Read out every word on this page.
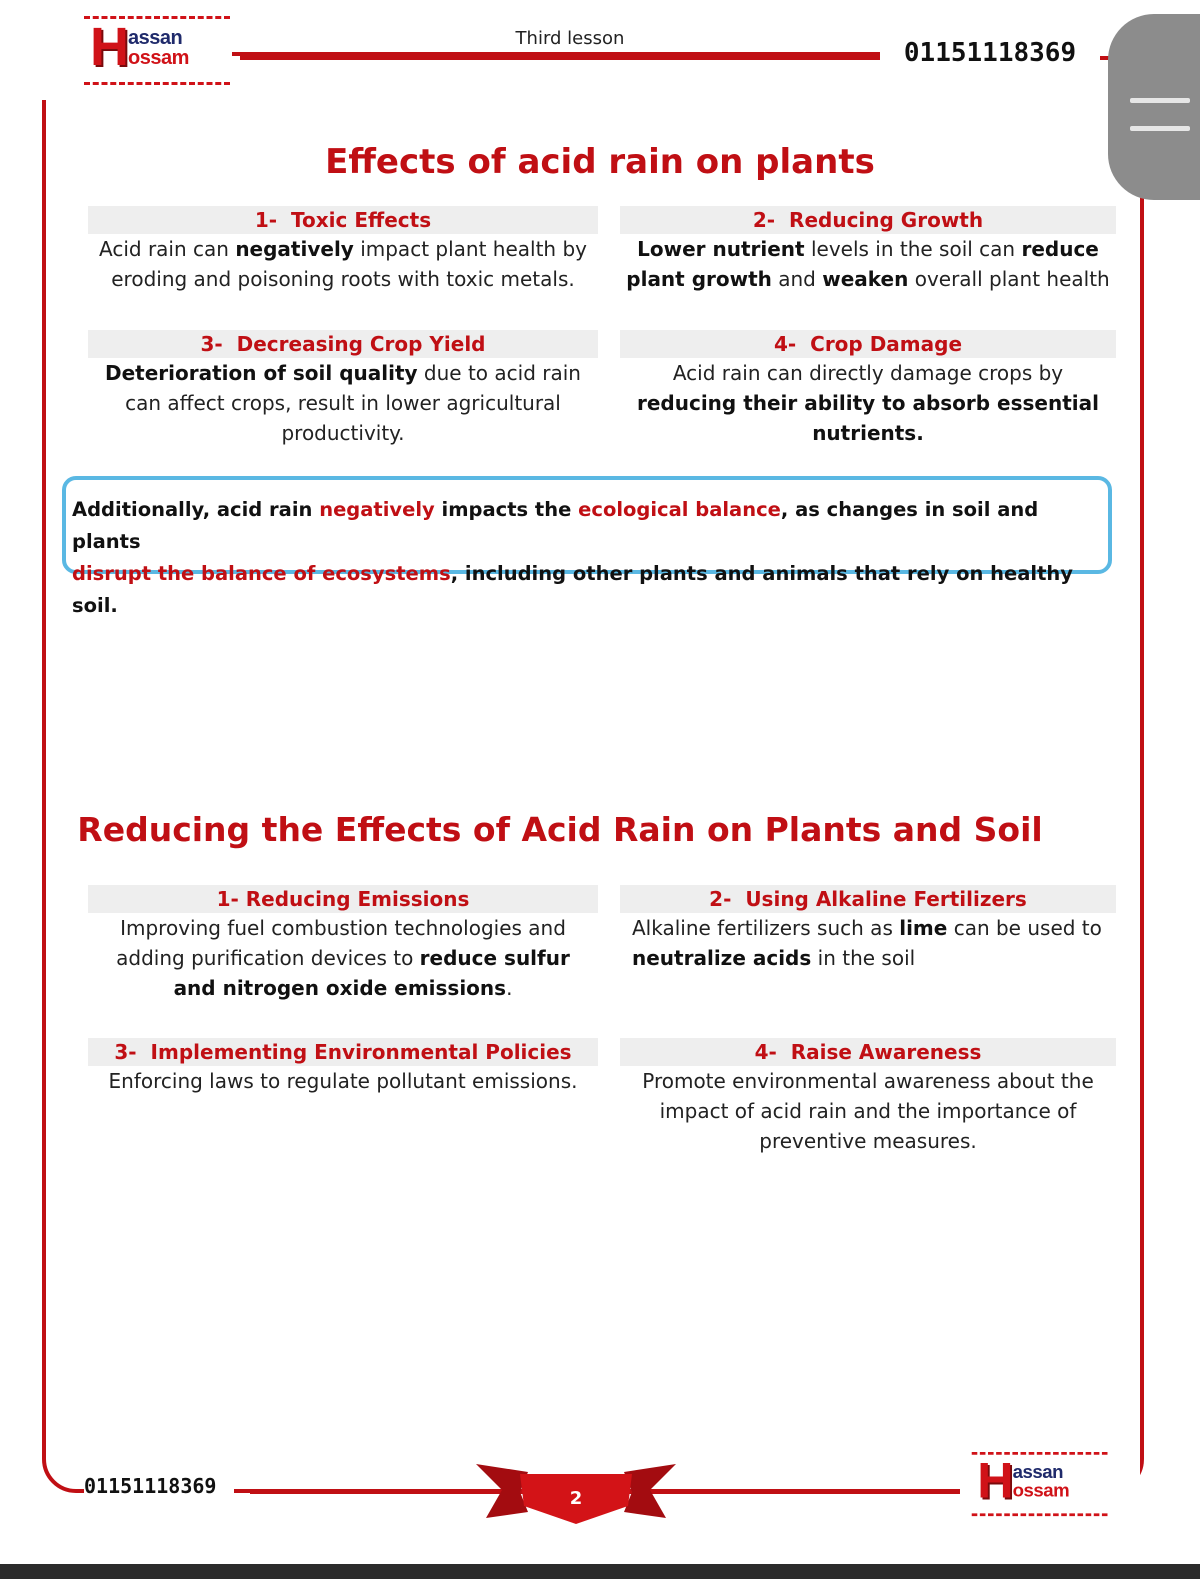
H assan
ossam
Third lesson	01151118369
Effects of acid rain on plants
1- Toxic Effects
Acid rain can negatively impact plant health by eroding and poisoning roots with toxic metals.
2- Reducing Growth
Lower nutrient levels in the soil can reduce plant growth and weaken overall plant health
3- Decreasing Crop Yield
Deterioration of soil quality due to acid rain can affect crops, result in lower agricultural productivity.
4- Crop Damage
Acid rain can directly damage crops by reducing their ability to absorb essential nutrients.
Additionally, acid rain negatively impacts the ecological balance, as changes in soil and plants
disrupt the balance of ecosystems, including other plants and animals that rely on healthy soil.
Reducing the Effects of Acid Rain on Plants and Soil
1- Reducing Emissions
Improving fuel combustion technologies and adding purification devices to reduce sulfur and nitrogen oxide emissions.
2- Using Alkaline Fertilizers
Alkaline fertilizers such as lime can be used to neutralize acids in the soil
3- Implementing Environmental Policies
Enforcing laws to regulate pollutant emissions.
4- Raise Awareness
Promote environmental awareness about the impact of acid rain and the importance of preventive measures.
01151118369
2	H assan
ossam
